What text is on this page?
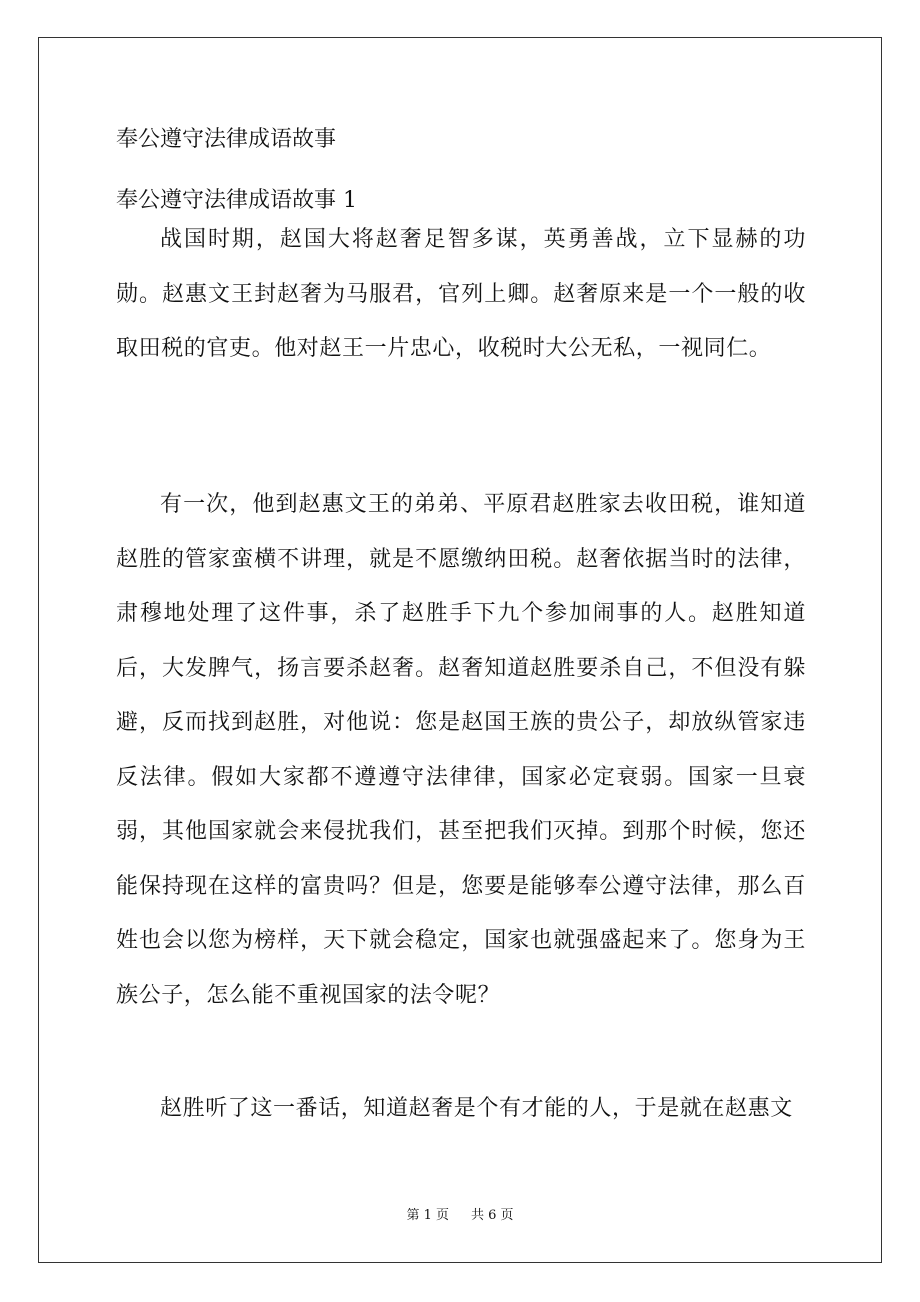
奉公遵守法律成语故事
奉公遵守法律成语故事 1

战国时期，赵国大将赵奢足智多谋，英勇善战，立下显赫的功勋。赵惠文王封赵奢为马服君，官列上卿。赵奢原来是一个一般的收取田税的官吏。他对赵王一片忠心，收税时大公无私，一视同仁。

有一次，他到赵惠文王的弟弟、平原君赵胜家去收田税，谁知道赵胜的管家蛮横不讲理，就是不愿缴纳田税。赵奢依据当时的法律，肃穆地处理了这件事，杀了赵胜手下九个参加闹事的人。赵胜知道后，大发脾气，扬言要杀赵奢。赵奢知道赵胜要杀自己，不但没有躲避，反而找到赵胜，对他说：您是赵国王族的贵公子，却放纵管家违反法律。假如大家都不遵遵守法律律，国家必定衰弱。国家一旦衰弱，其他国家就会来侵扰我们，甚至把我们灭掉。到那个时候，您还能保持现在这样的富贵吗？但是，您要是能够奉公遵守法律，那么百姓也会以您为榜样，天下就会稳定，国家也就强盛起来了。您身为王族公子，怎么能不重视国家的法令呢？

赵胜听了这一番话，知道赵奢是个有才能的人，于是就在赵惠文

第 1 页 共 6 页
